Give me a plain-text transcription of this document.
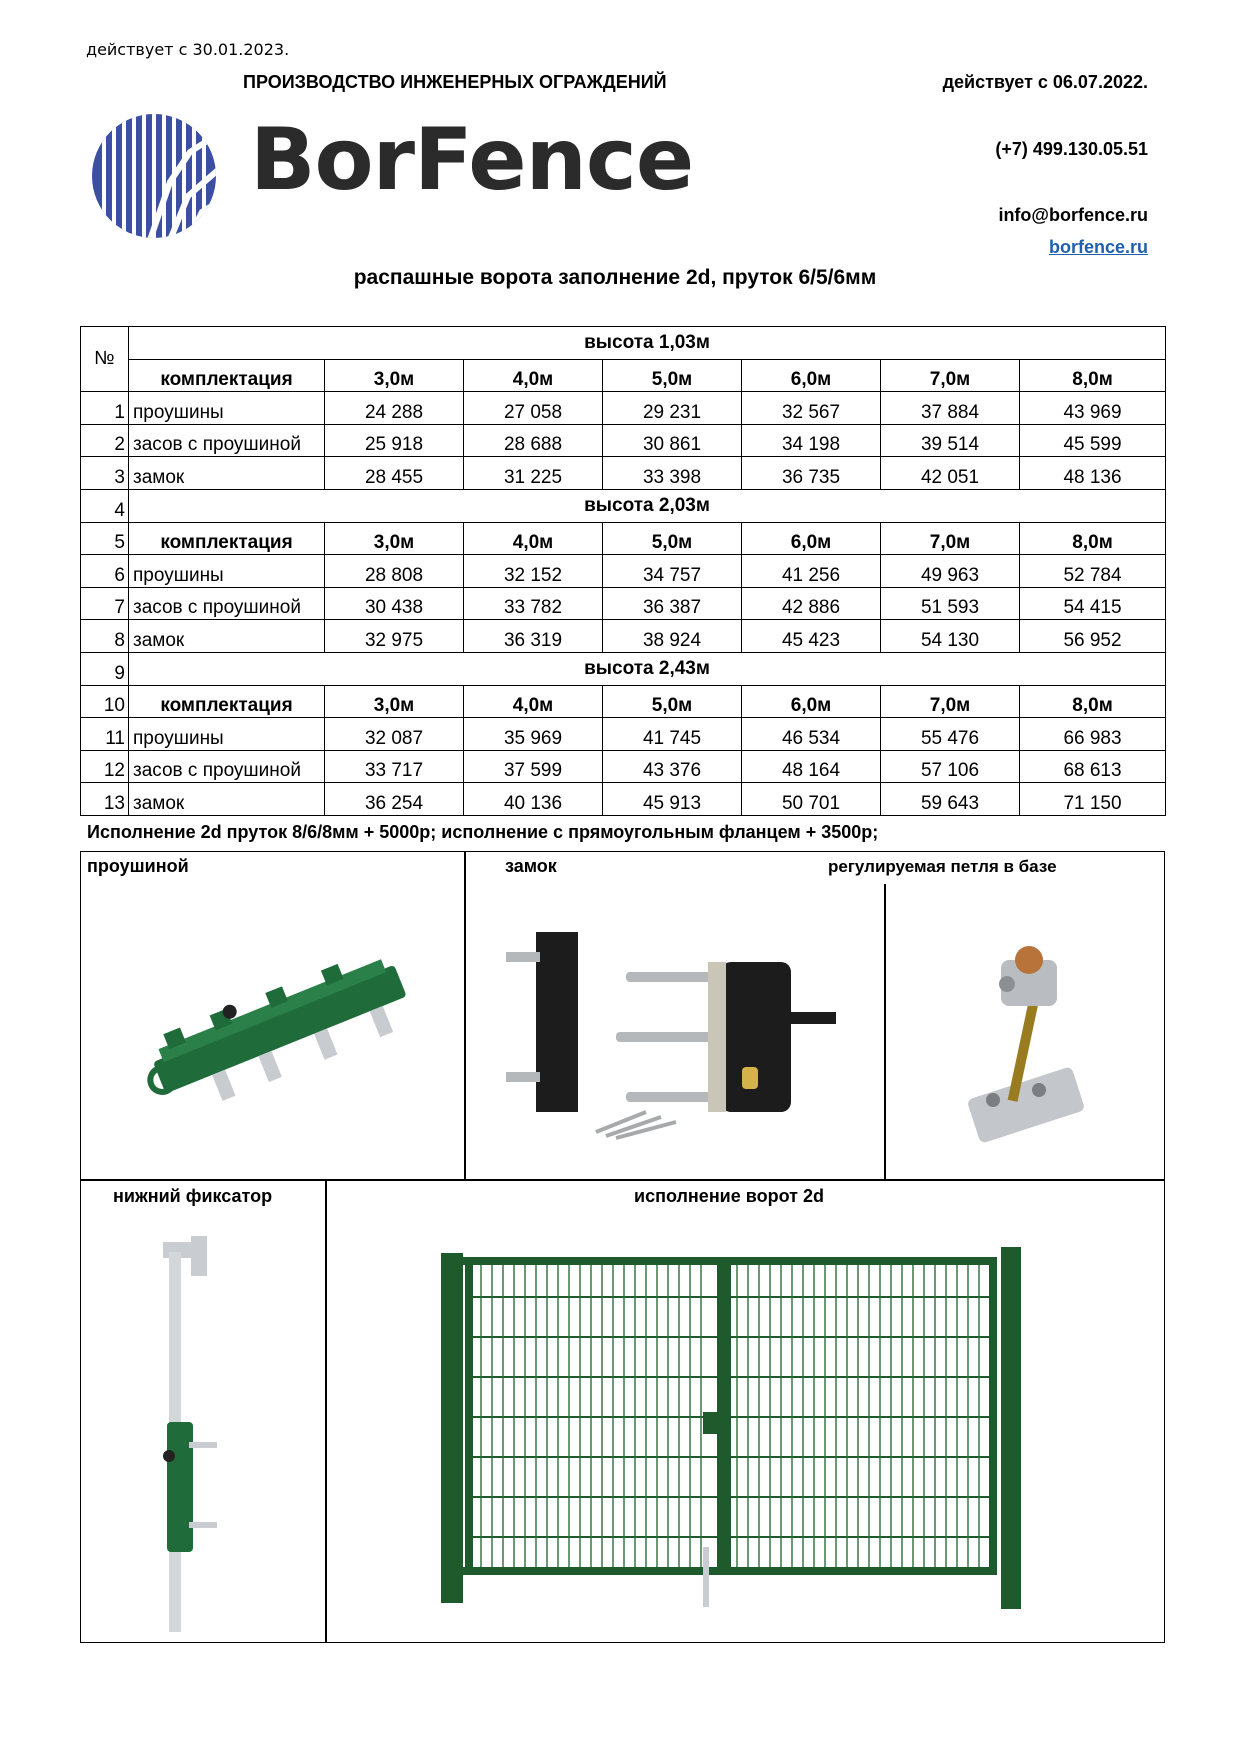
действует с 30.01.2023.
ПРОИЗВОДСТВО ИНЖЕНЕРНЫХ ОГРАЖДЕНИЙ	действует с 06.07.2022.
(+7) 499.130.05.51
info@borfence.ru
borfence.ru
BorFence
распашные ворота заполнение 2d, пруток 6/5/6мм
№	высота 1,03м						
	комплектация	3,0м	4,0м	5,0м	6,0м	7,0м	8,0м
1	проушины	24 288	27 058	29 231	32 567	37 884	43 969
2	засов с проушиной	25 918	28 688	30 861	34 198	39 514	45 599
3	замок	28 455	31 225	33 398	36 735	42 051	48 136
4	высота 2,03м						
5	комплектация	3,0м	4,0м	5,0м	6,0м	7,0м	8,0м
6	проушины	28 808	32 152	34 757	41 256	49 963	52 784
7	засов с проушиной	30 438	33 782	36 387	42 886	51 593	54 415
8	замок	32 975	36 319	38 924	45 423	54 130	56 952
9	высота 2,43м						
10	комплектация	3,0м	4,0м	5,0м	6,0м	7,0м	8,0м
11	проушины	32 087	35 969	41 745	46 534	55 476	66 983
12	засов с проушиной	33 717	37 599	43 376	48 164	57 106	68 613
13	замок	36 254	40 136	45 913	50 701	59 643	71 150
Исполнение 2d пруток 8/6/8мм + 5000р; исполнение с прямоугольным фланцем + 3500р;
проушиной	замок	регулируемая петля в базе
нижний фиксатор	исполнение ворот 2d
